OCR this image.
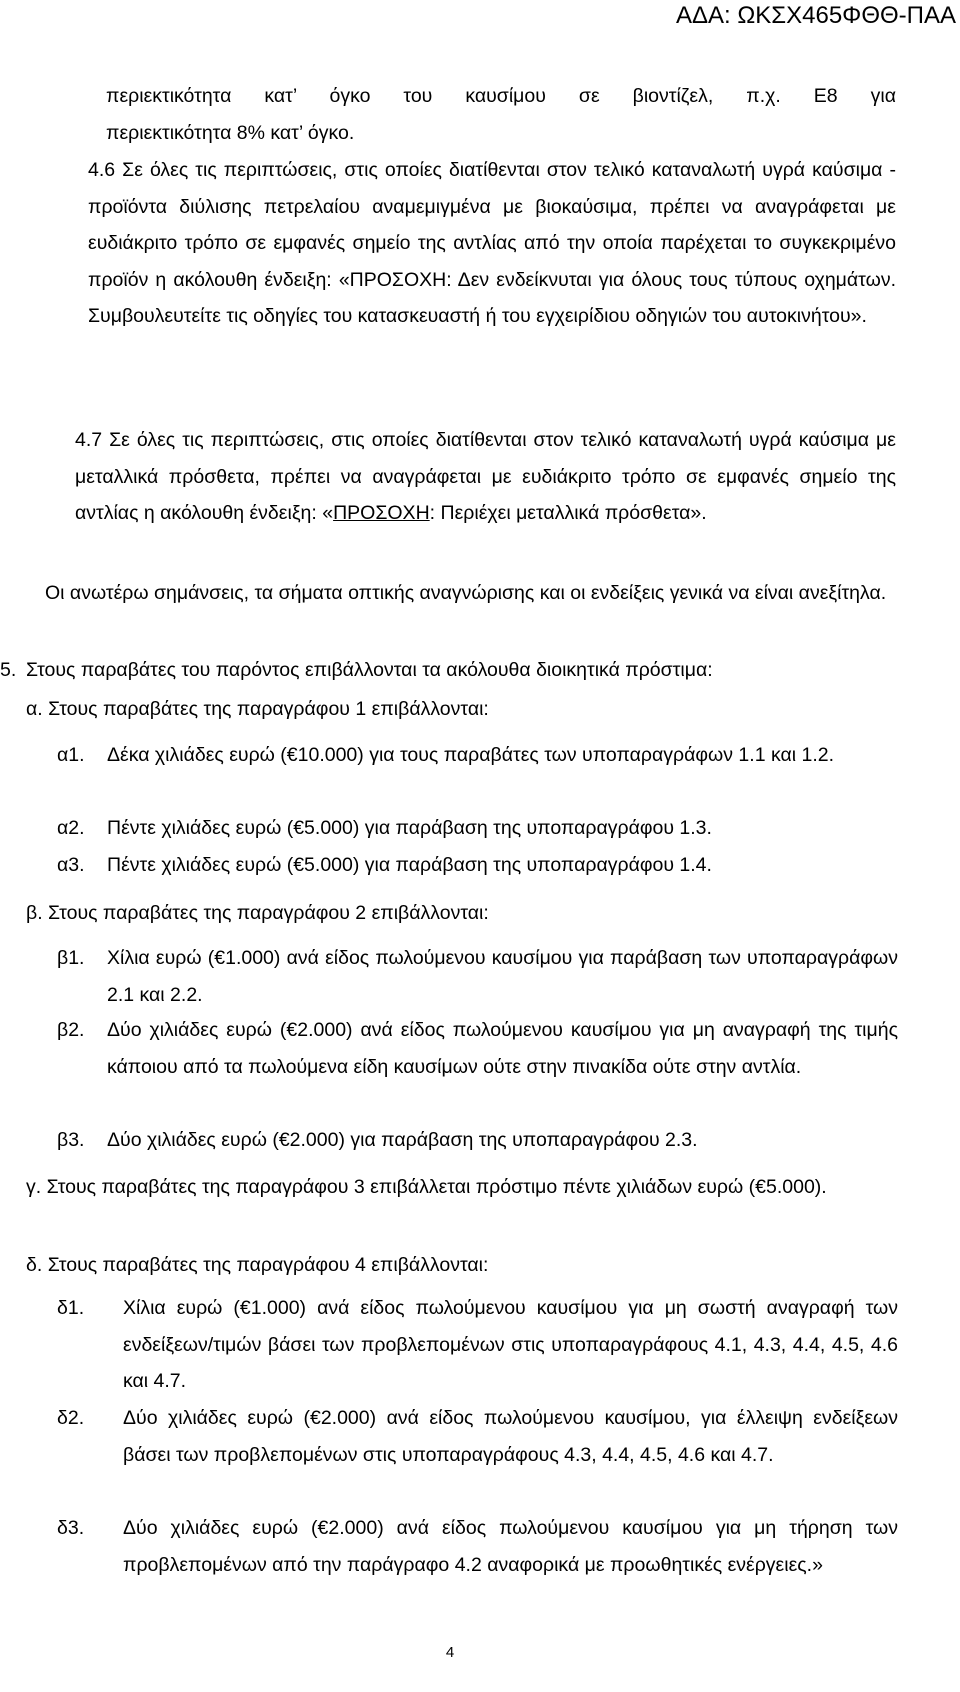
ΑΔΑ: ΩΚΣΧ465ΦΘΘ-ΠΑΑ
περιεκτικότητα κατ’ όγκο του καυσίμου σε βιοντίζελ, π.χ. Ε8 για
περιεκτικότητα 8% κατ’ όγκο.

4.6 Σε όλες τις περιπτώσεις, στις οποίες διατίθενται στον τελικό καταναλωτή υγρά καύσιμα - προϊόντα διύλισης πετρελαίου αναμεμιγμένα με βιοκαύσιμα, πρέπει να αναγράφεται με ευδιάκριτο τρόπο σε εμφανές σημείο της αντλίας από την οποία παρέχεται το συγκεκριμένο προϊόν η ακόλουθη ένδειξη: «ΠΡΟΣΟΧΗ: Δεν ενδείκνυται για όλους τους τύπους οχημάτων. Συμβουλευτείτε τις οδηγίες του κατασκευαστή ή του εγχειρίδιου οδηγιών του αυτοκινήτου».

4.7 Σε όλες τις περιπτώσεις, στις οποίες διατίθενται στον τελικό καταναλωτή υγρά καύσιμα με μεταλλικά πρόσθετα, πρέπει να αναγράφεται με ευδιάκριτο τρόπο σε εμφανές σημείο της αντλίας η ακόλουθη ένδειξη: «ΠΡΟΣΟΧΗ: Περιέχει μεταλλικά πρόσθετα».

Οι ανωτέρω σημάνσεις, τα σήματα οπτικής αναγνώρισης και οι ενδείξεις γενικά να είναι ανεξίτηλα.

5. Στους παραβάτες του παρόντος επιβάλλονται τα ακόλουθα διοικητικά πρόστιμα:
α. Στους παραβάτες της παραγράφου 1 επιβάλλονται:
α1. Δέκα χιλιάδες ευρώ (€10.000) για τους παραβάτες των υποπαραγράφων 1.1 και 1.2.
α2. Πέντε χιλιάδες ευρώ (€5.000) για παράβαση της υποπαραγράφου 1.3.
α3. Πέντε χιλιάδες ευρώ (€5.000) για παράβαση της υποπαραγράφου 1.4.
β. Στους παραβάτες της παραγράφου 2 επιβάλλονται:
β1. Χίλια ευρώ (€1.000) ανά είδος πωλούμενου καυσίμου για παράβαση των υποπαραγράφων 2.1 και 2.2.
β2. Δύο χιλιάδες ευρώ (€2.000) ανά είδος πωλούμενου καυσίμου για μη αναγραφή της τιμής κάποιου από τα πωλούμενα είδη καυσίμων ούτε στην πινακίδα ούτε στην αντλία.
β3. Δύο χιλιάδες ευρώ (€2.000) για παράβαση της υποπαραγράφου 2.3.

γ. Στους παραβάτες της παραγράφου 3 επιβάλλεται πρόστιμο πέντε χιλιάδων ευρώ (€5.000).

δ. Στους παραβάτες της παραγράφου 4 επιβάλλονται:
δ1. Χίλια ευρώ (€1.000) ανά είδος πωλούμενου καυσίμου για μη σωστή αναγραφή των ενδείξεων/τιμών βάσει των προβλεπομένων στις υποπαραγράφους 4.1, 4.3, 4.4, 4.5, 4.6 και 4.7.
δ2. Δύο χιλιάδες ευρώ (€2.000) ανά είδος πωλούμενου καυσίμου, για έλλειψη ενδείξεων βάσει των προβλεπομένων στις υποπαραγράφους 4.3, 4.4, 4.5, 4.6 και 4.7.
δ3. Δύο χιλιάδες ευρώ (€2.000) ανά είδος πωλούμενου καυσίμου για μη τήρηση των προβλεπομένων από την παράγραφο 4.2 αναφορικά με προωθητικές ενέργειες.»
4
